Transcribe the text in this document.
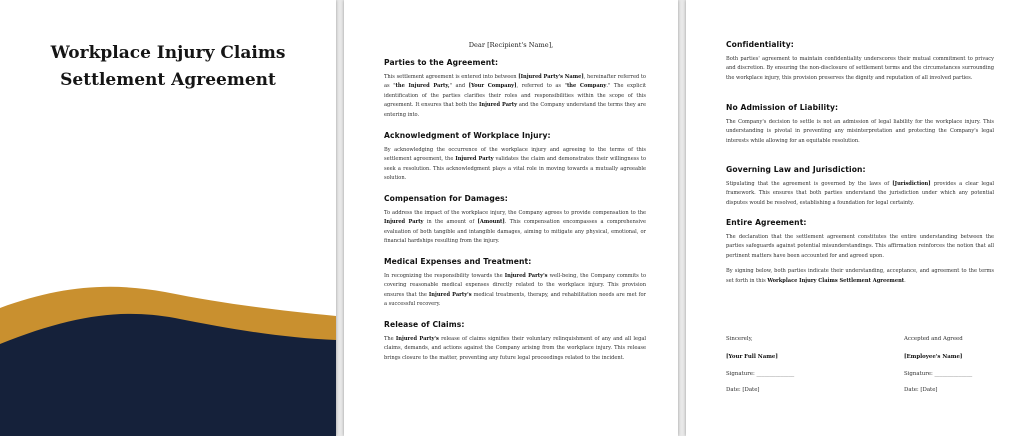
Workplace Injury Claims
Settlement Agreement
Dear [Recipient's Name],
Parties to the Agreement:

This settlement agreement is entered into between [Injured Party's Name], hereinafter referred to as "the Injured Party," and [Your Company], referred to as "the Company." The explicit identification of the parties clarifies their roles and responsibilities within the scope of this agreement. It ensures that both the Injured Party and the Company understand the terms they are entering into.

Acknowledgment of Workplace Injury:

By acknowledging the occurrence of the workplace injury and agreeing to the terms of this settlement agreement, the Injured Party validates the claim and demonstrates their willingness to seek a resolution. This acknowledgment plays a vital role in moving towards a mutually agreeable solution.

Compensation for Damages:

To address the impact of the workplace injury, the Company agrees to provide compensation to the Injured Party in the amount of [Amount]. This compensation encompasses a comprehensive evaluation of both tangible and intangible damages, aiming to mitigate any physical, emotional, or financial hardships resulting from the injury.

Medical Expenses and Treatment:

In recognizing the responsibility towards the Injured Party's well-being, the Company commits to covering reasonable medical expenses directly related to the workplace injury. This provision ensures that the Injured Party's medical treatments, therapy, and rehabilitation needs are met for a successful recovery.

Release of Claims:

The Injured Party's release of claims signifies their voluntary relinquishment of any and all legal claims, demands, and actions against the Company arising from the workplace injury. This release brings closure to the matter, preventing any future legal proceedings related to the incident.

Confidentiality:

Both parties' agreement to maintain confidentiality underscores their mutual commitment to privacy and discretion. By ensuring the non-disclosure of settlement terms and the circumstances surrounding the workplace injury, this provision preserves the dignity and reputation of all involved parties.

No Admission of Liability:

The Company's decision to settle is not an admission of legal liability for the workplace injury. This understanding is pivotal in preventing any misinterpretation and protecting the Company's legal interests while allowing for an equitable resolution.

Governing Law and Jurisdiction:

Stipulating that the agreement is governed by the laws of [Jurisdiction] provides a clear legal framework. This ensures that both parties understand the jurisdiction under which any potential disputes would be resolved, establishing a foundation for legal certainty.

Entire Agreement:

The declaration that the settlement agreement constitutes the entire understanding between the parties safeguards against potential misunderstandings. This affirmation reinforces the notion that all pertinent matters have been accounted for and agreed upon.

By signing below, both parties indicate their understanding, acceptance, and agreement to the terms set forth in this Workplace Injury Claims Settlement Agreement.

Sincerely,
[Your Full Name]
Signature: ______________
Date: [Date]
Accepted and Agreed
[Employee's Name]
Signature: ______________
Date: [Date]
